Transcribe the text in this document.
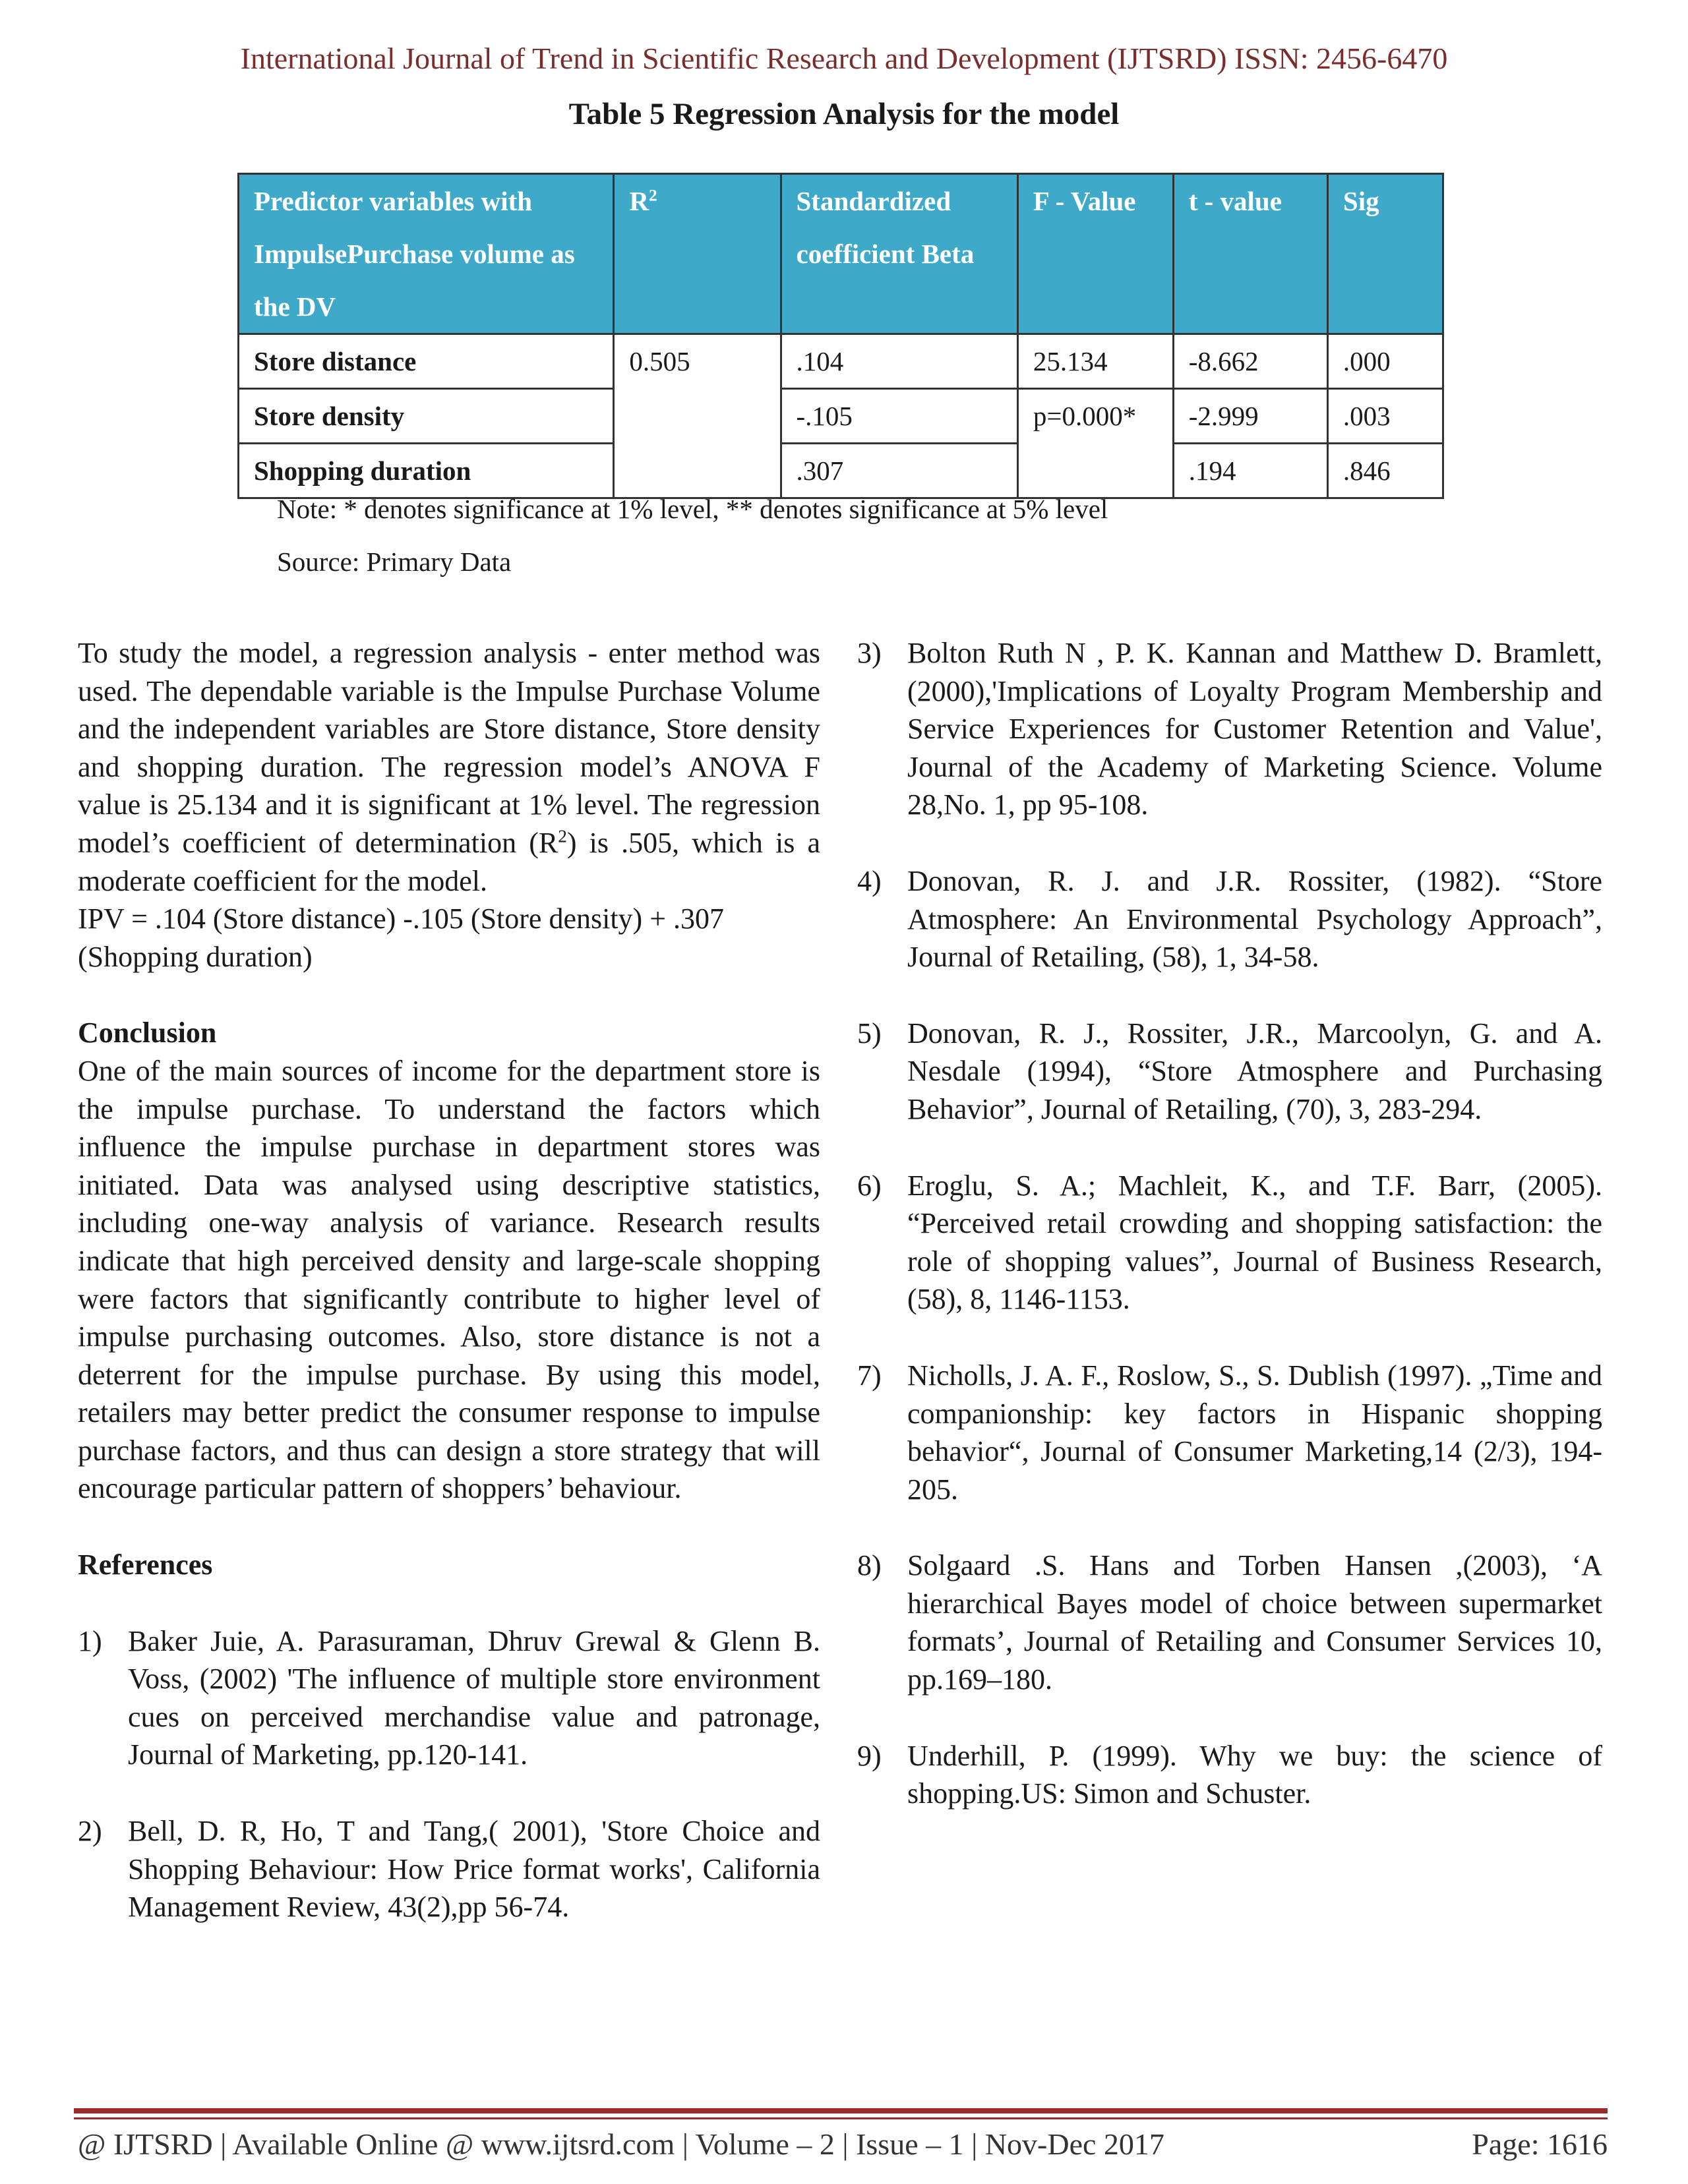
International Journal of Trend in Scientific Research and Development (IJTSRD) ISSN: 2456-6470
Table 5 Regression Analysis for the model
Predictor variables with ImpulsePurchase volume as the DV	$R^2$	Standardized coefficient Beta	F - Value	t - value	Sig
Store distance	0.505	.104	25.134	-8.662	.000
Store density		-.105	p=0.000*	-2.999	.003
Shopping duration		.307		.194	.846
Note: * denotes significance at 1% level, ** denotes significance at 5% level
Source: Primary Data

To study the model, a regression analysis - enter method was used. The dependable variable is the Impulse Purchase Volume and the independent variables are Store distance, Store density and shopping duration. The regression model’s ANOVA F value is 25.134 and it is significant at 1% level. The regression model’s coefficient of determination $(R^2)$ is .505, which is a moderate coefficient for the model.

IPV = .104 (Store distance) -.105 (Store density) + .307 (Shopping duration)

Conclusion

One of the main sources of income for the department store is the impulse purchase. To understand the factors which influence the impulse purchase in department stores was initiated. Data was analysed using descriptive statistics, including one-way analysis of variance. Research results indicate that high perceived density and large-scale shopping were factors that significantly contribute to higher level of impulse purchasing outcomes. Also, store distance is not a deterrent for the impulse purchase. By using this model, retailers may better predict the consumer response to impulse purchase factors, and thus can design a store strategy that will encourage particular pattern of shoppers’ behaviour.

References

1) Baker Juie, A. Parasuraman, Dhruv Grewal & Glenn B. Voss, (2002) 'The influence of multiple store environment cues on perceived merchandise value and patronage, Journal of Marketing, pp.120-141.
2) Bell, D. R, Ho, T and Tang,( 2001), 'Store Choice and Shopping Behaviour: How Price format works', California Management Review, 43(2),pp 56-74.
3) Bolton Ruth N , P. K. Kannan and Matthew D. Bramlett, (2000),'Implications of Loyalty Program Membership and Service Experiences for Customer Retention and Value', Journal of the Academy of Marketing Science. Volume 28,No. 1, pp 95-108.
4) Donovan, R. J. and J.R. Rossiter, (1982). “Store Atmosphere: An Environmental Psychology Approach”, Journal of Retailing, (58), 1, 34-58.
5) Donovan, R. J., Rossiter, J.R., Marcoolyn, G. and A. Nesdale (1994), “Store Atmosphere and Purchasing Behavior”, Journal of Retailing, (70), 3, 283-294.
6) Eroglu, S. A.; Machleit, K., and T.F. Barr, (2005). “Perceived retail crowding and shopping satisfaction: the role of shopping values”, Journal of Business Research, (58), 8, 1146-1153.
7) Nicholls, J. A. F., Roslow, S., S. Dublish (1997). „Time and companionship: key factors in Hispanic shopping behavior“, Journal of Consumer Marketing,14 (2/3), 194-205.
8) Solgaard .S. Hans and Torben Hansen ,(2003), ‘A hierarchical Bayes model of choice between supermarket formats’, Journal of Retailing and Consumer Services 10, pp.169–180.
9) Underhill, P. (1999). Why we buy: the science of shopping.US: Simon and Schuster.
@ IJTSRD | Available Online @ www.ijtsrd.com | Volume – 2 | Issue – 1 | Nov-Dec 2017	Page: 1616
